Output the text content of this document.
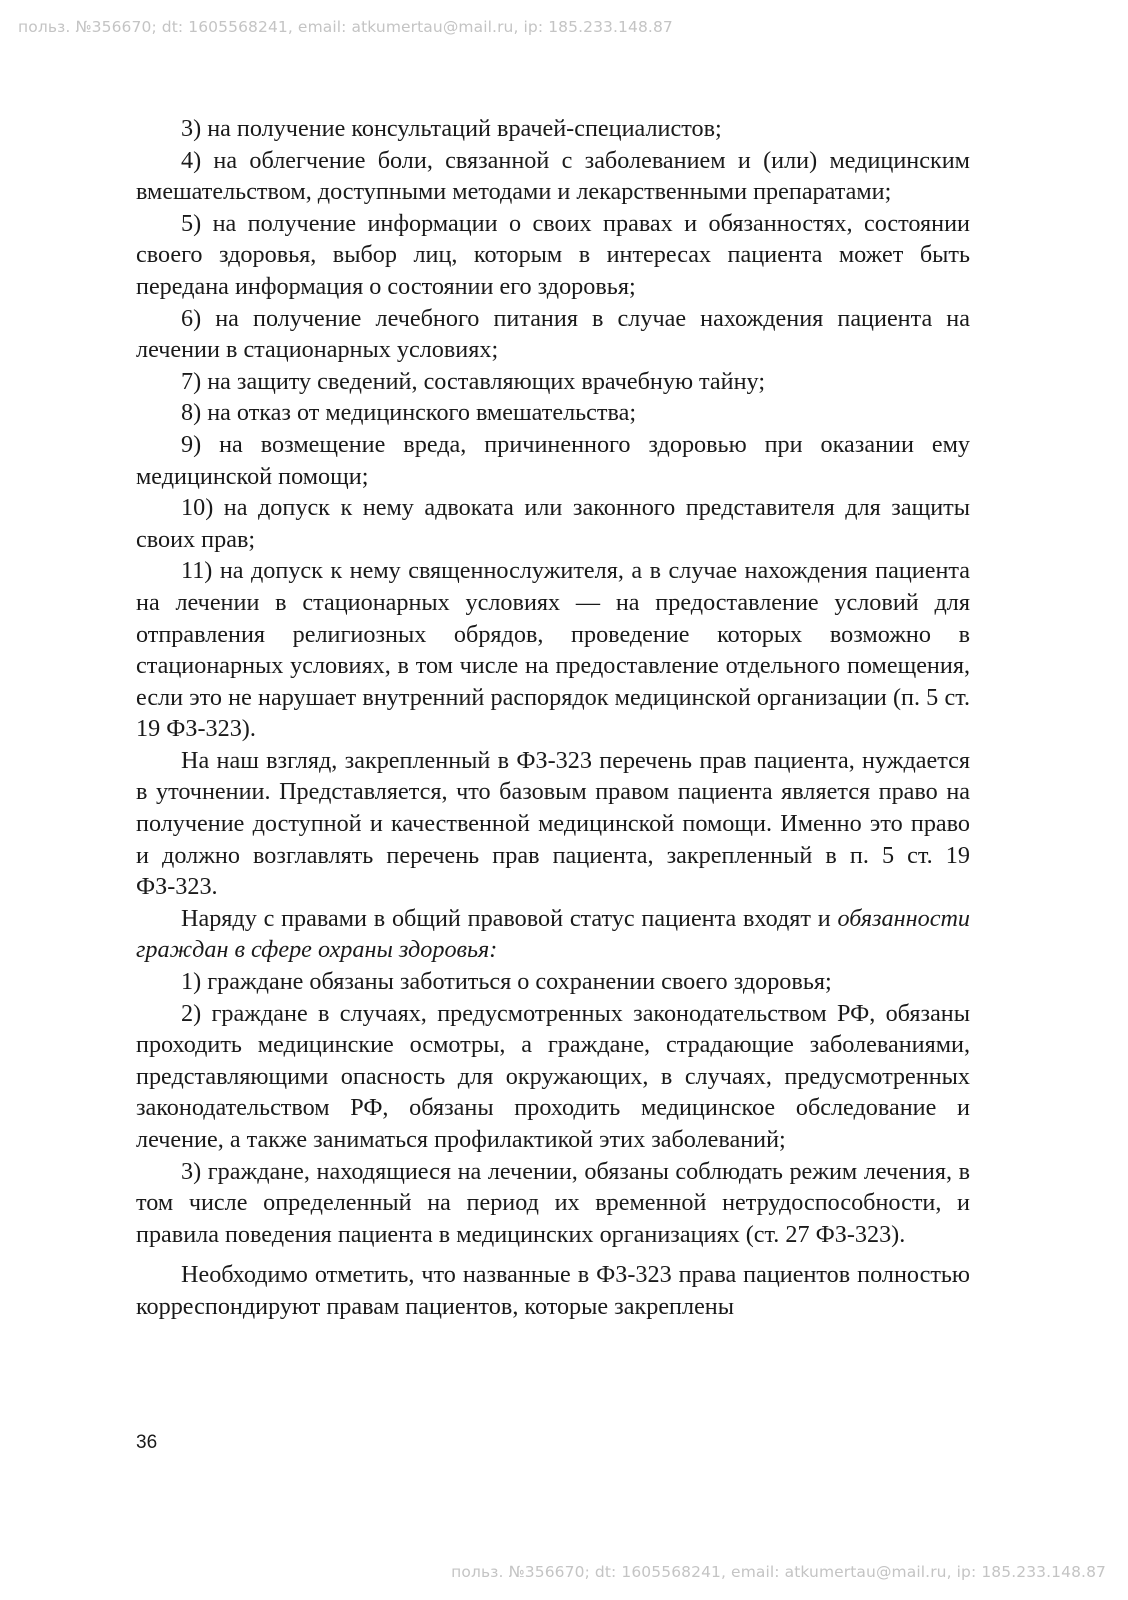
польз. №356670; dt: 1605568241, email: atkumertau@mail.ru, ip: 185.233.148.87

3) на получение консультаций врачей-специалистов;

4) на облегчение боли, связанной с заболеванием и (или) медицинским вмешательством, доступными методами и лекарственными препаратами;

5) на получение информации о своих правах и обязанностях, состоянии своего здоровья, выбор лиц, которым в интересах пациента может быть передана информация о состоянии его здоровья;

6) на получение лечебного питания в случае нахождения пациента на лечении в стационарных условиях;

7) на защиту сведений, составляющих врачебную тайну;

8) на отказ от медицинского вмешательства;

9) на возмещение вреда, причиненного здоровью при оказании ему медицинской помощи;

10) на допуск к нему адвоката или законного представителя для защиты своих прав;

11) на допуск к нему священнослужителя, а в случае нахождения пациента на лечении в стационарных условиях — на предоставление условий для отправления религиозных обрядов, проведение которых возможно в стационарных условиях, в том числе на предоставление отдельного помещения, если это не нарушает внутренний распорядок медицинской организации (п. 5 ст. 19 ФЗ-323).

На наш взгляд, закрепленный в ФЗ-323 перечень прав пациента, нуждается в уточнении. Представляется, что базовым правом пациента является право на получение доступной и качественной медицинской помощи. Именно это право и должно возглавлять перечень прав пациента, закрепленный в п. 5 ст. 19 ФЗ-323.

Наряду с правами в общий правовой статус пациента входят и обязанности граждан в сфере охраны здоровья:

1) граждане обязаны заботиться о сохранении своего здоровья;

2) граждане в случаях, предусмотренных законодательством РФ, обязаны проходить медицинские осмотры, а граждане, страдающие заболеваниями, представляющими опасность для окружающих, в случаях, предусмотренных законодательством РФ, обязаны проходить медицинское обследование и лечение, а также заниматься профилактикой этих заболеваний;

3) граждане, находящиеся на лечении, обязаны соблюдать режим лечения, в том числе определенный на период их временной нетрудоспособности, и правила поведения пациента в медицинских организациях (ст. 27 ФЗ-323).

Необходимо отметить, что названные в ФЗ-323 права пациентов полностью корреспондируют правам пациентов, которые закреплены

36
польз. №356670; dt: 1605568241, email: atkumertau@mail.ru, ip: 185.233.148.87
